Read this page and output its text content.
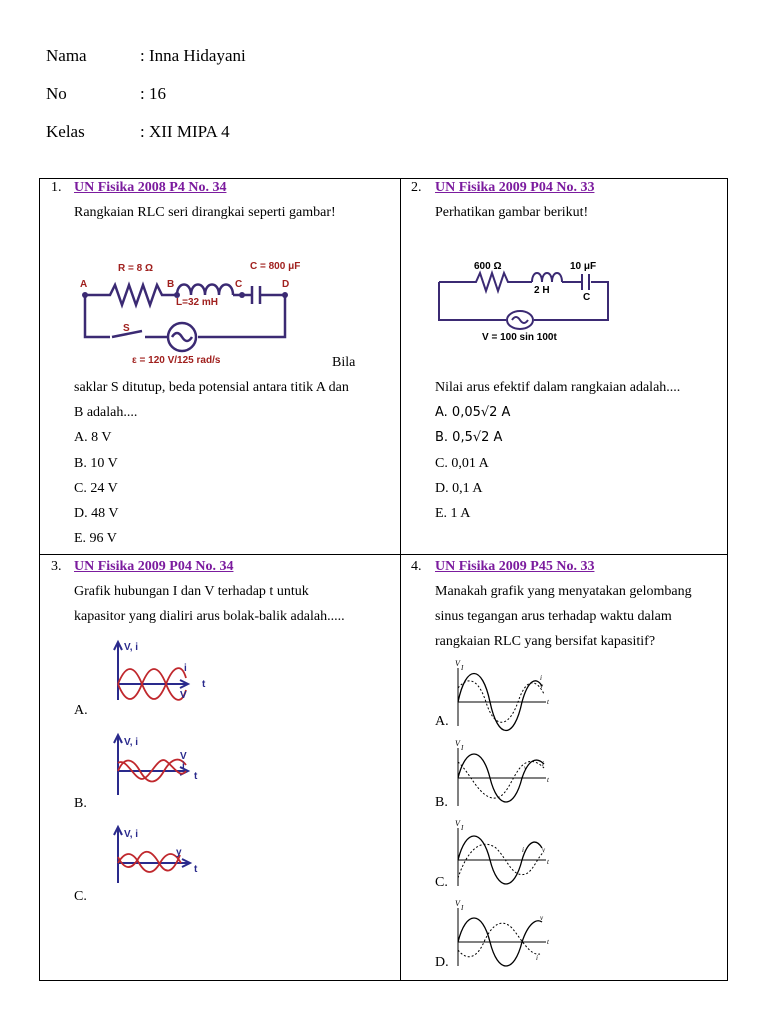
Nama	: Inna Hidayani
No	: 16
Kelas	: XII MIPA 4
1. UN Fisika 2008 P4 No. 34
Rangkaian RLC seri dirangkai seperti gambar!
R = 8 Ω	C = 800 μF
L=32 mH
A	B	C	D
S
ε = 120 V/125 rad/s	Bila
saklar S ditutup, beda potensial antara titik A dan
B adalah....
A. 8 V
B. 10 V
C. 24 V
D. 48 V
E. 96 V
2. UN Fisika 2009 P04 No. 33
Perhatikan gambar berikut!
600 Ω	10 μF
2 H
C
V = 100 sin 100t
Nilai arus efektif dalam rangkaian adalah....
A. 0,05√2 A
B. 0,5√2 A
C. 0,01 A
D. 0,1 A
E. 1 A
3. UN Fisika 2009 P04 No. 34
Grafik hubungan I dan V terhadap t untuk
kapasitor yang dialiri arus bolak-balik adalah.....
V, i
i
V
t
A.
V, i
V
i
t
B.
V, i
y
t
C.
4. UN Fisika 2009 P45 No. 33
Manakah grafik yang menyatakan gelombang
sinus tegangan arus terhadap waktu dalam
rangkaian RLC yang bersifat kapasitif?
V I
i
v
t
A.
V I
v i
t
B.
V I
i	v
t
C.
V I
v
t
i
D.
